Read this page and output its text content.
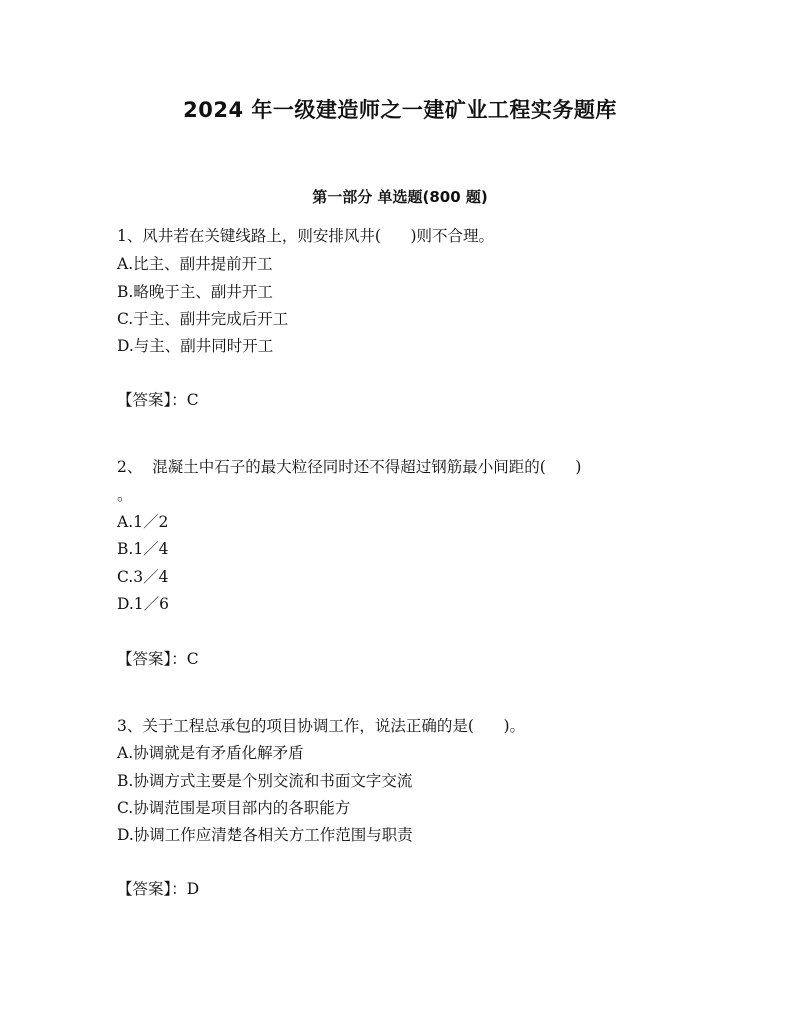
2024 年一级建造师之一建矿业工程实务题库
第一部分 单选题(800 题)
1、风井若在关键线路上，则安排风井(      )则不合理。
A.比主、副井提前开工
B.略晚于主、副井开工
C.于主、副井完成后开工
D.与主、副井同时开工
【答案】：C
2、  混凝土中石子的最大粒径同时还不得超过钢筋最小间距的(      )
。
A.1／2
B.1／4
C.3／4
D.1／6
【答案】：C
3、关于工程总承包的项目协调工作，说法正确的是(      )。
A.协调就是有矛盾化解矛盾
B.协调方式主要是个别交流和书面文字交流
C.协调范围是项目部内的各职能方
D.协调工作应清楚各相关方工作范围与职责
【答案】：D
